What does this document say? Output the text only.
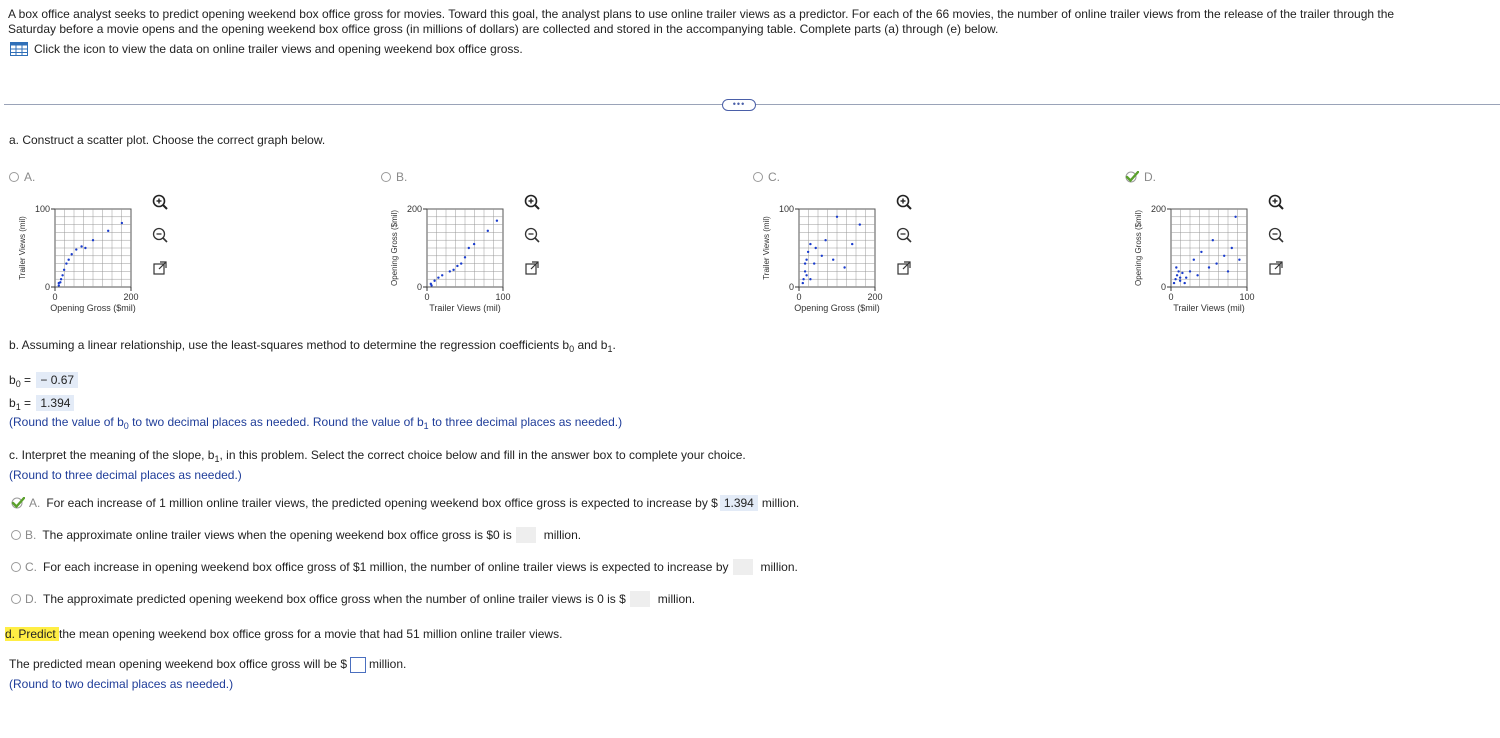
A box office analyst seeks to predict opening weekend box office gross for movies. Toward this goal, the analyst plans to use online trailer views as a predictor. For each of the 66 movies, the number of online trailer views from the release of the trailer through the
Saturday before a movie opens and the opening weekend box office gross (in millions of dollars) are collected and stored in the accompanying table. Complete parts (a) through (e) below.
Click the icon to view the data on online trailer views and opening weekend box office gross.
•••
a. Construct a scatter plot. Choose the correct graph below.
A.
100
0
0	200
Opening Gross ($mil)
Trailer Views (mil)
B.
200
0
0	100
Trailer Views (mil)
Opening Gross ($mil)
C.
100
0
0	200
Opening Gross ($mil)
Trailer Views (mil)
D.
200
0
0	100
Trailer Views (mil)
Opening Gross ($mil)
b. Assuming a linear relationship, use the least-squares method to determine the regression coefficients $b_0$ and $b_1$.
$b_0$ = − 0.67
$b_1 = 1.394$
(Round the value of $b_0$ to two decimal places as needed. Round the value of $b_1$ to three decimal places as needed.)
c. Interpret the meaning of the slope, $b_1$, in this problem. Select the correct choice below and fill in the answer box to complete your choice.
(Round to three decimal places as needed.)
A. For each increase of 1 million online trailer views, the predicted opening weekend box office gross is expected to increase by $ 1.394 million.
B. The approximate online trailer views when the opening weekend box office gross is $0 is	million.
C. For each increase in opening weekend box office gross of $1 million, the number of online trailer views is expected to increase by	million.
D. The approximate predicted opening weekend box office gross when the number of online trailer views is 0 is $	million.
d. Predict the mean opening weekend box office gross for a movie that had 51 million online trailer views.
The predicted mean opening weekend box office gross will be $ million.
(Round to two decimal places as needed.)
